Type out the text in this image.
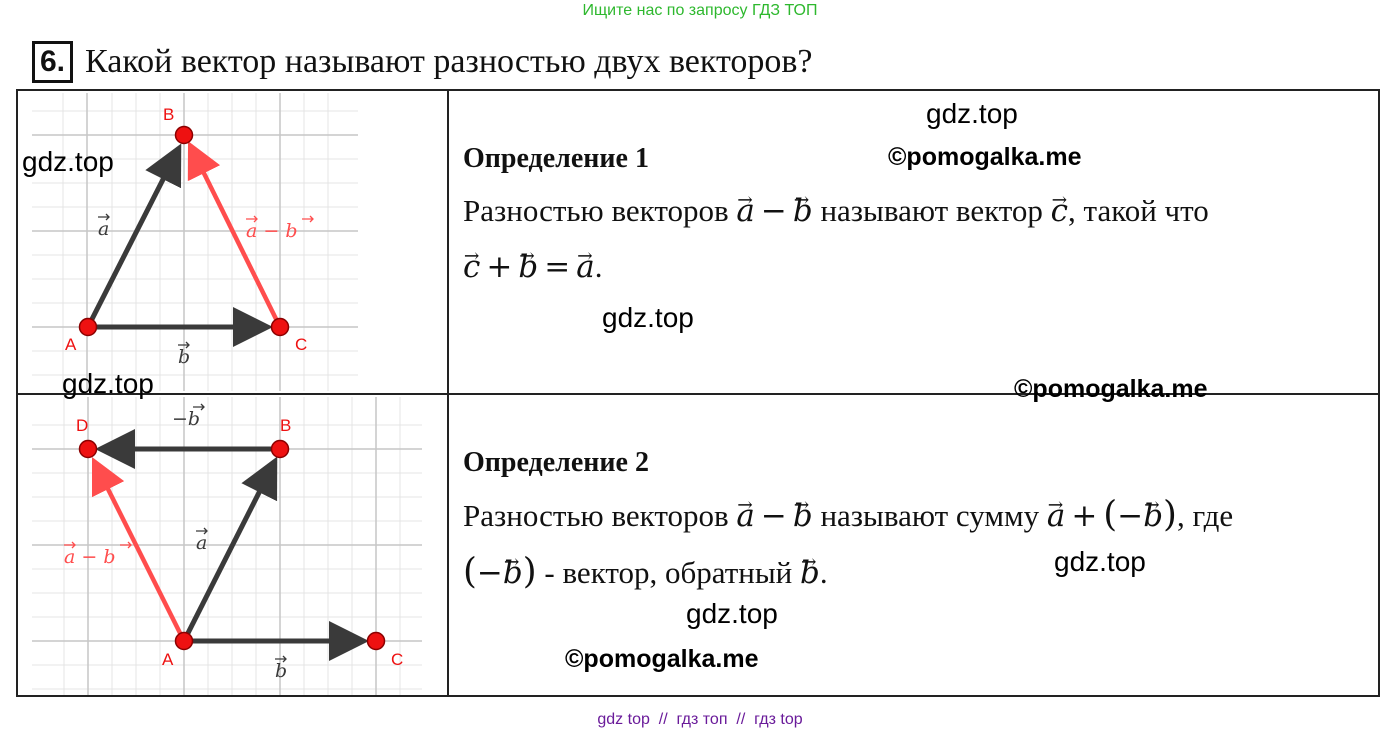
Ищите нас по запросу ГДЗ ТОП
6. Какой вектор называют разностью двух векторов?
A
B
C
a
b
a − b
D	B
A	C
−b
a
b
a − b
Определение 1
Разностью векторов → a − → b называют вектор → c, такой что
→ c + → b = → a.
Определение 2
Разностью векторов → a − → b называют сумму → a + (−→ b), где
(−→ b) - вектор, обратный → b.
gdz.top
gdz.top
gdz.top
gdz.top
gdz.top
gdz.top
©pomogalka.me
©pomogalka.me
©pomogalka.me
gdz top  //  гдз топ  //  гдз top
